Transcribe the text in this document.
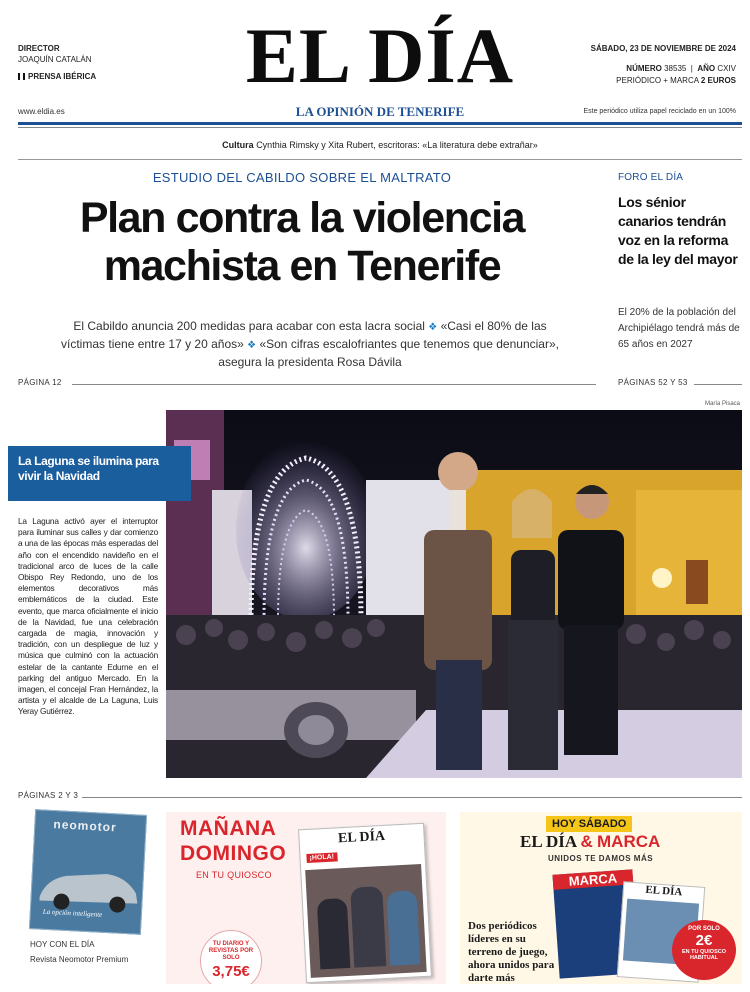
DIRECTOR
JOAQUÍN CATALÁN
PRENSA IBÉRICA EL DÍA	SÁBADO, 23 DE NOVIEMBRE DE 2024
NÚMERO 38535  |  AÑO CXIV
PERIÓDICO + MARCA 2 EUROS
www.eldia.es	LA OPINIÓN DE TENERIFE	Este periódico utiliza papel reciclado en un 100%
Cultura Cynthia Rimsky y Xita Rubert, escritoras: «La literatura debe extrañar»
ESTUDIO DEL CABILDO SOBRE EL MALTRATO
Plan contra la violencia
machista en Tenerife
El Cabildo anuncia 200 medidas para acabar con esta lacra social ❖ «Casi el 80% de las víctimas tiene entre 17 y 20 años» ❖ «Son cifras escalofriantes que tenemos que denunciar», asegura la presidenta Rosa Dávila
PÁGINA 12
FORO EL DÍA
Los sénior canarios tendrán voz en la reforma de la ley del mayor
El 20% de la población del Archipiélago tendrá más de 65 años en 2027
PÁGINAS 52 Y 53
María Pisaca
La Laguna se ilumina para vivir la Navidad
La Laguna activó ayer el interruptor para iluminar sus calles y dar comienzo a una de las épocas más esperadas del año con el encendido navideño en el tradicional arco de luces de la calle Obispo Rey Redondo, uno de los elementos decorativos más emblemáticos de la ciudad. Este evento, que marca oficialmente el inicio de la Navidad, fue una celebración cargada de magia, innovación y tradición, con un despliegue de luz y música que culminó con la actuación estelar de la cantante Edurne en el parking del antiguo Mercado. En la imagen, el concejal Fran Hernández, la artista y el alcalde de La Laguna, Luis Yeray Gutiérrez.
PÁGINAS 2 Y 3
neomotor
La opción inteligente
HOY CON EL DÍA
Revista Neomotor Premium
MAÑANA
DOMINGO
EN TU QUIOSCO
TU DIARIO Y REVISTAS POR SOLO
3,75€
EL DÍA
¡HOLA!
HOY SÁBADO
EL DÍA & MARCA
UNIDOS TE DAMOS MÁS
MARCA
EL DÍA
Dos periódicos líderes en su terreno de juego, ahora unidos para darte más
POR SOLO
2€
EN TU QUIOSCO HABITUAL
